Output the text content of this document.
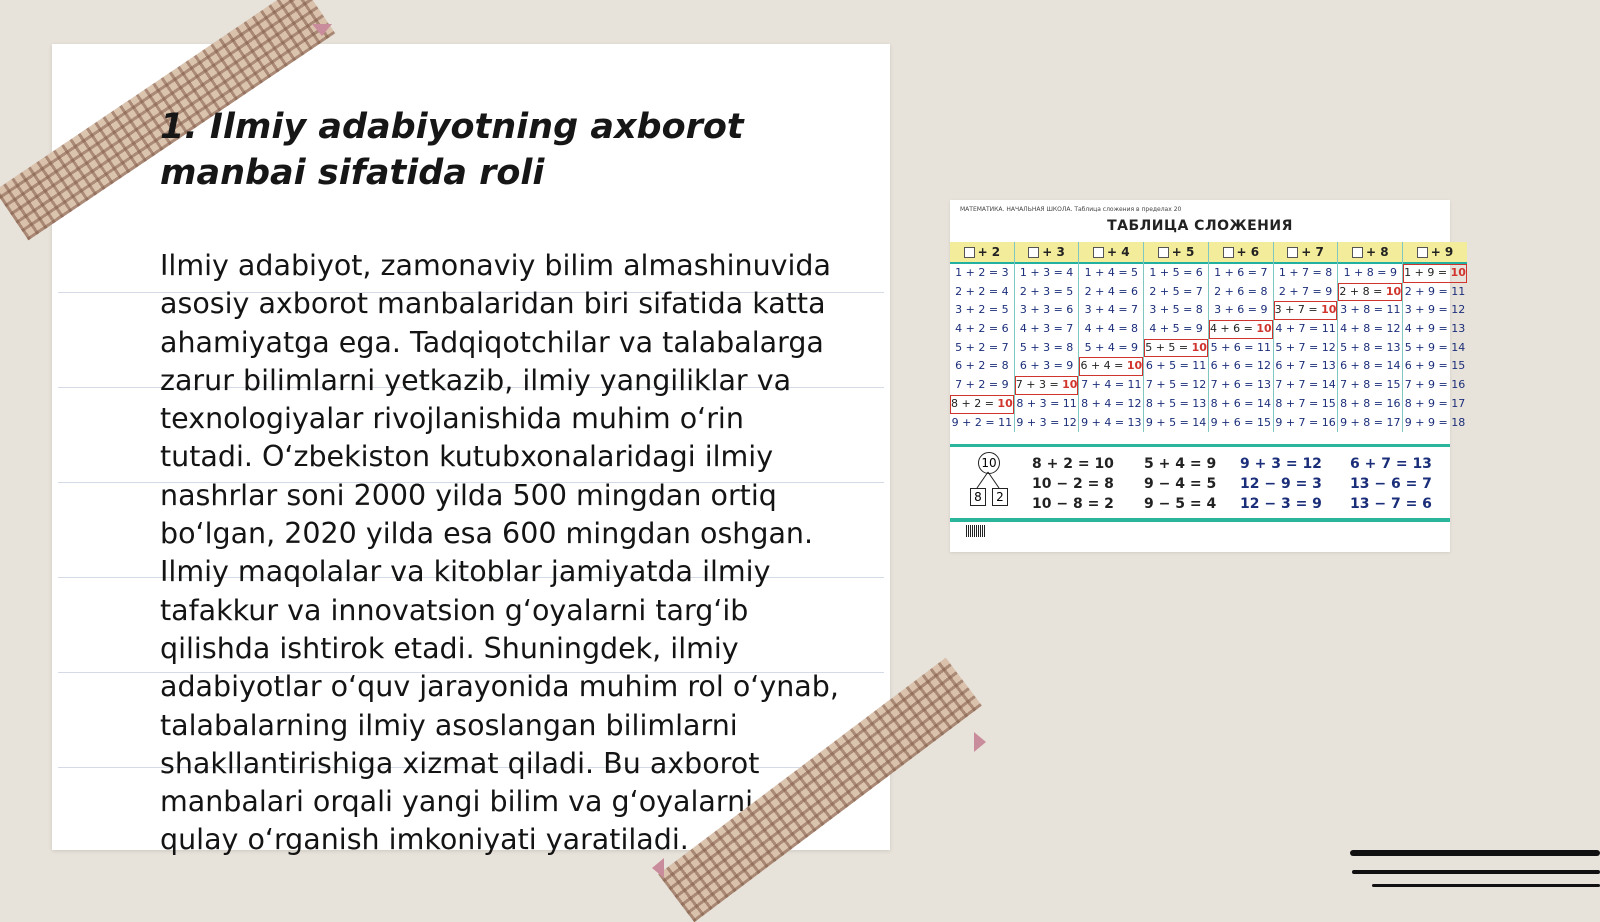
1. Ilmiy adabiyotning axborot manbai sifatida roli

Ilmiy adabiyot, zamonaviy bilim almashinuvida asosiy axborot manbalaridan biri sifatida katta ahamiyatga ega. Tadqiqotchilar va talabalarga zarur bilimlarni yetkazib, ilmiy yangiliklar va texnologiyalar rivojlanishida muhim o‘rin tutadi. O‘zbekiston kutubxonalaridagi ilmiy nashrlar soni 2000 yilda 500 mingdan ortiq bo‘lgan, 2020 yilda esa 600 mingdan oshgan. Ilmiy maqolalar va kitoblar jamiyatda ilmiy tafakkur va innovatsion g‘oyalarni targ‘ib qilishda ishtirok etadi. Shuningdek, ilmiy adabiyotlar o‘quv jarayonida muhim rol o‘ynab, talabalarning ilmiy asoslangan bilimlarni shakllantirishiga xizmat qiladi. Bu axborot manbalari orqali yangi bilim va g‘oyalarni qulay o‘rganish imkoniyati yaratiladi.

МАТЕМАТИКА. НАЧАЛЬНАЯ ШКОЛА. Таблица сложения в пределах 20
ТАБЛИЦА СЛОЖЕНИЯ
+ 2
1 + 2 = 3
2 + 2 = 4
3 + 2 = 5
4 + 2 = 6
5 + 2 = 7
6 + 2 = 8
7 + 2 = 9
8 + 2 = 10
9 + 2 = 11
+ 3
1 + 3 = 4
2 + 3 = 5
3 + 3 = 6
4 + 3 = 7
5 + 3 = 8
6 + 3 = 9
7 + 3 = 10
8 + 3 = 11
9 + 3 = 12
+ 4
1 + 4 = 5
2 + 4 = 6
3 + 4 = 7
4 + 4 = 8
5 + 4 = 9
6 + 4 = 10
7 + 4 = 11
8 + 4 = 12
9 + 4 = 13
+ 5
1 + 5 = 6
2 + 5 = 7
3 + 5 = 8
4 + 5 = 9
5 + 5 = 10
6 + 5 = 11
7 + 5 = 12
8 + 5 = 13
9 + 5 = 14
+ 6
1 + 6 = 7
2 + 6 = 8
3 + 6 = 9
4 + 6 = 10
5 + 6 = 11
6 + 6 = 12
7 + 6 = 13
8 + 6 = 14
9 + 6 = 15
+ 7
1 + 7 = 8
2 + 7 = 9
3 + 7 = 10
4 + 7 = 11
5 + 7 = 12
6 + 7 = 13
7 + 7 = 14
8 + 7 = 15
9 + 7 = 16
+ 8
1 + 8 = 9
2 + 8 = 10
3 + 8 = 11
4 + 8 = 12
5 + 8 = 13
6 + 8 = 14
7 + 8 = 15
8 + 8 = 16
9 + 8 = 17
+ 9
1 + 9 = 10
2 + 9 = 11
3 + 9 = 12
4 + 9 = 13
5 + 9 = 14
6 + 9 = 15
7 + 9 = 16
8 + 9 = 17
9 + 9 = 18
10
8	2
8 + 2 = 10
10 − 2 = 8
10 − 8 = 2
5 + 4 = 9
9 − 4 = 5
9 − 5 = 4
9 + 3 = 12
12 − 9 = 3
12 − 3 = 9
6 + 7 = 13
13 − 6 = 7
13 − 7 = 6
